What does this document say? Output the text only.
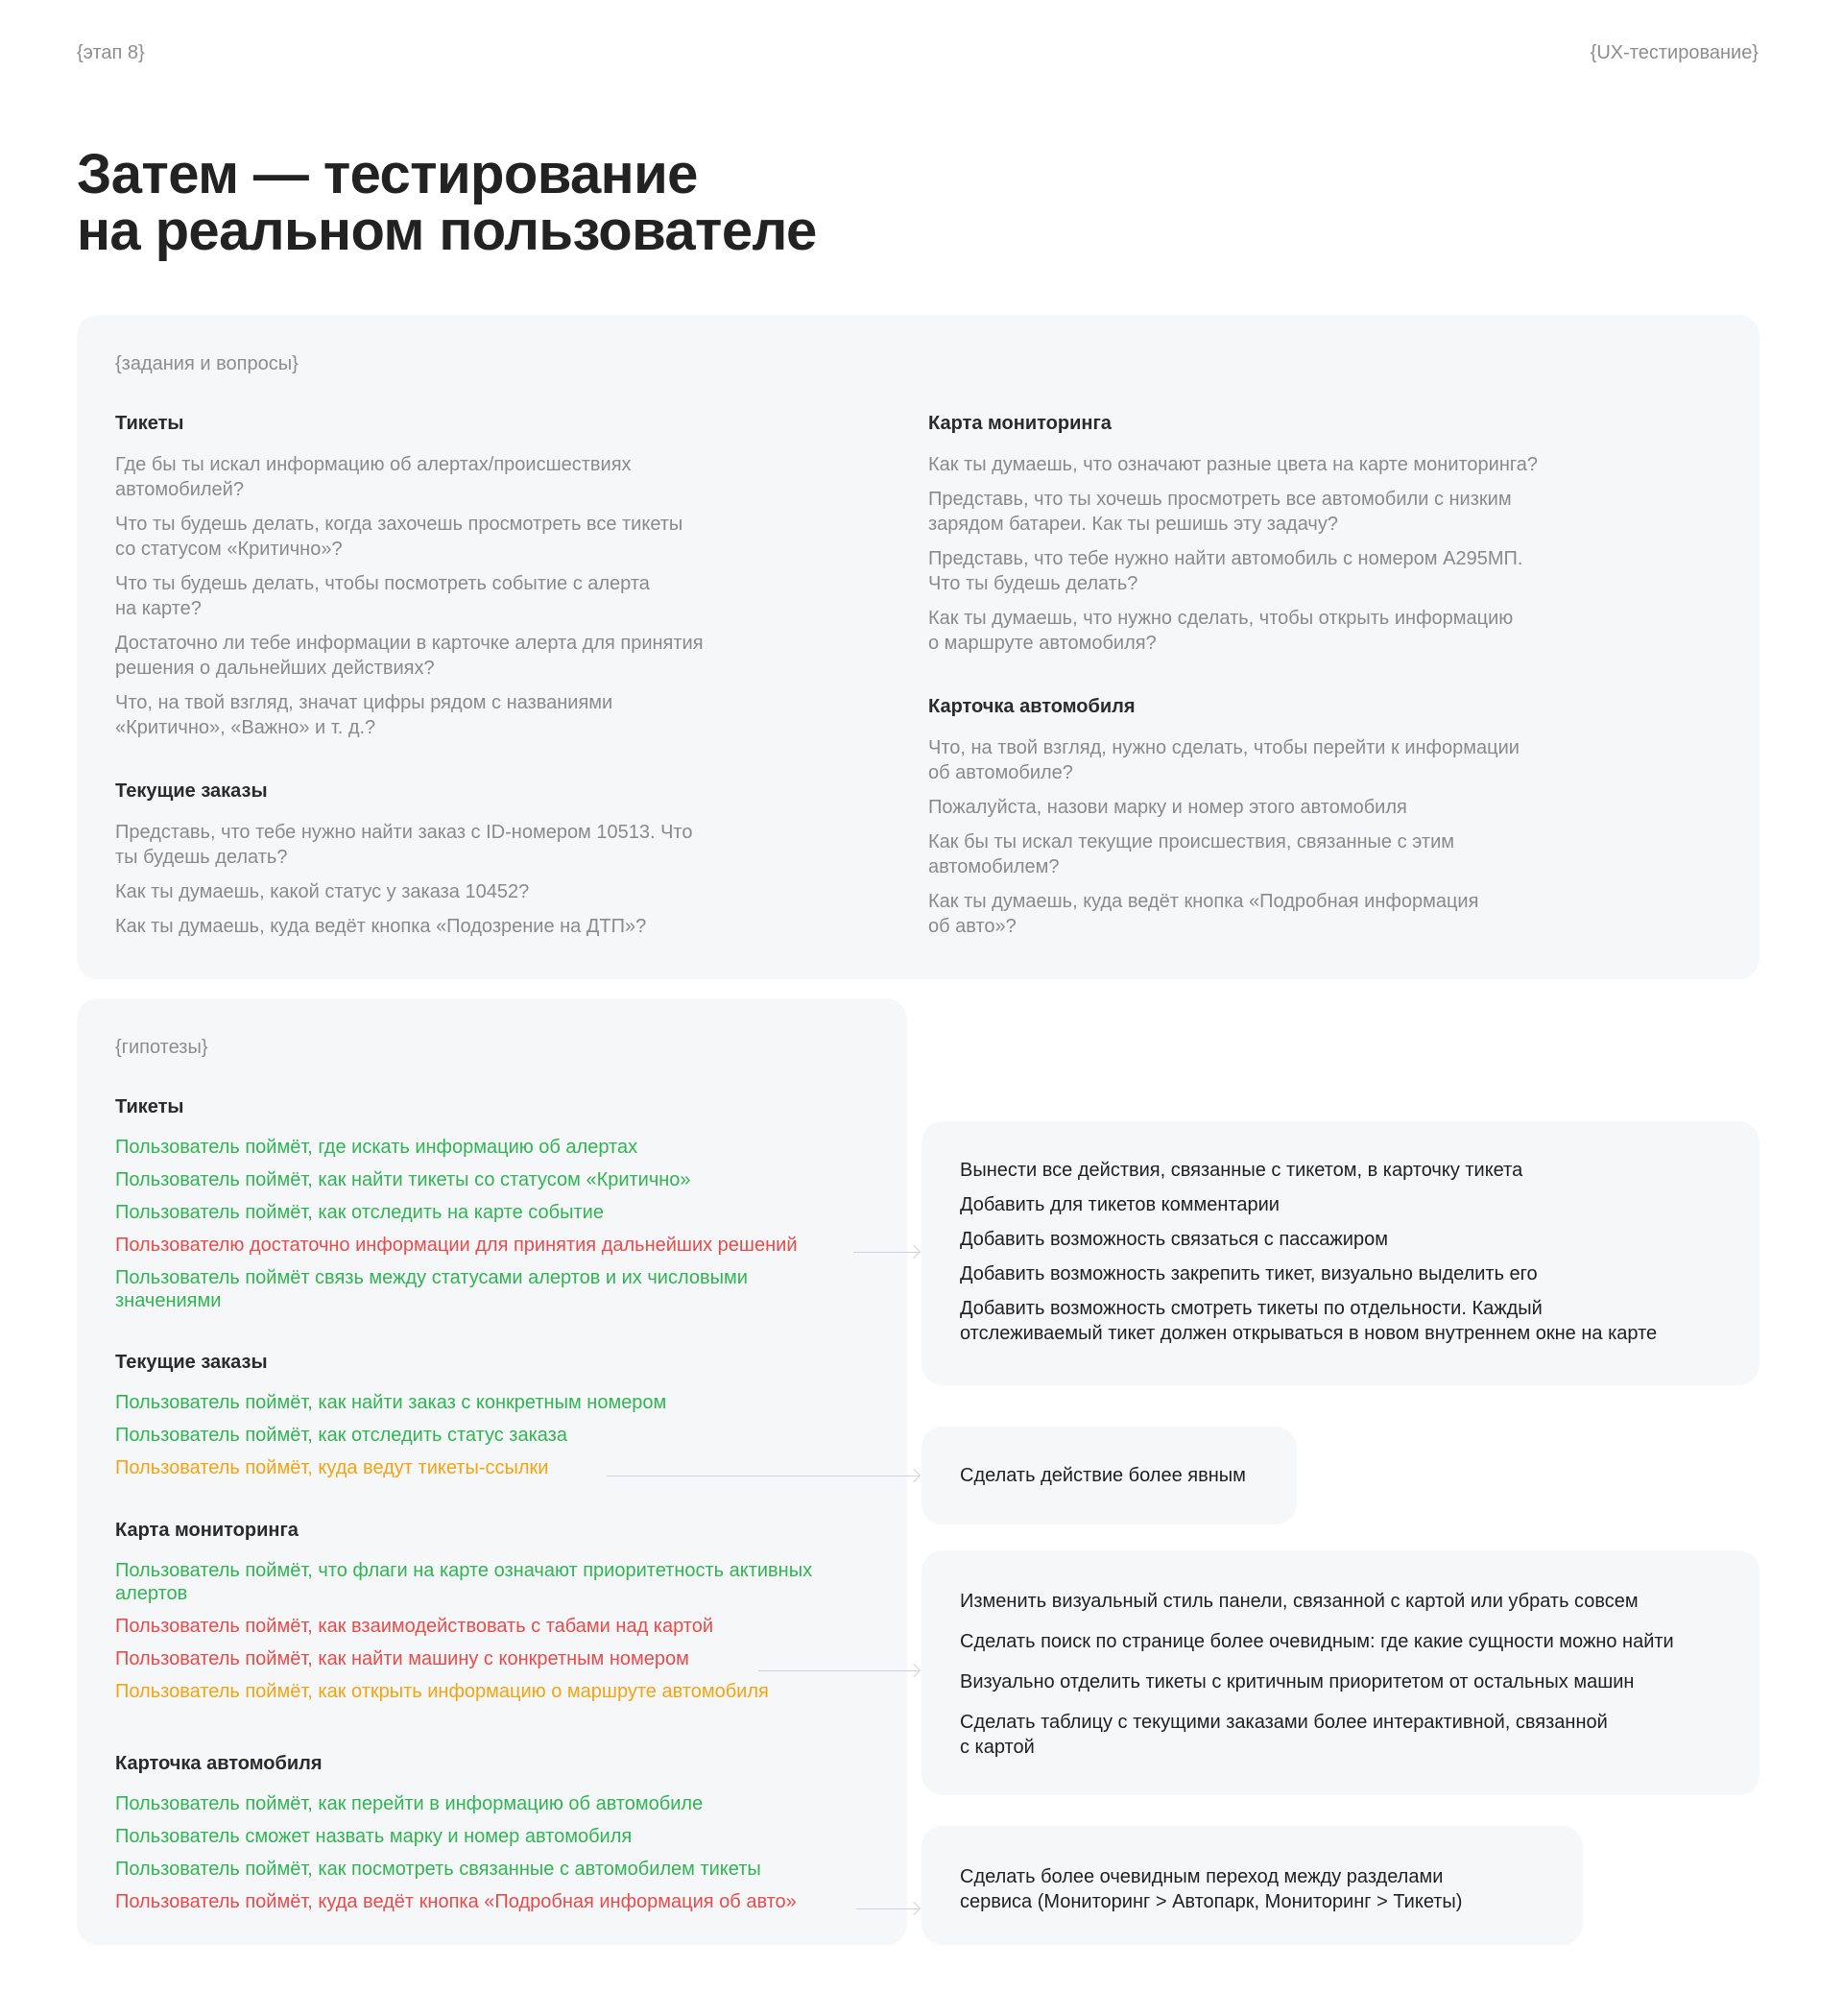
{этап 8}	{UX-тестирование}
Затем — тестирование
на реальном пользователе
{задания и вопросы}
Тикеты
Где бы ты искал информацию об алертах/происшествиях
автомобилей?
Что ты будешь делать, когда захочешь просмотреть все тикеты
со статусом «Критично»?
Что ты будешь делать, чтобы посмотреть событие с алерта
на карте?
Достаточно ли тебе информации в карточке алерта для принятия
решения о дальнейших действиях?
Что, на твой взгляд, значат цифры рядом с названиями
«Критично», «Важно» и т. д.?
Текущие заказы
Представь, что тебе нужно найти заказ с ID-номером 10513. Что
ты будешь делать?
Как ты думаешь, какой статус у заказа 10452?
Как ты думаешь, куда ведёт кнопка «Подозрение на ДТП»?
Карта мониторинга
Как ты думаешь, что означают разные цвета на карте мониторинга?
Представь, что ты хочешь просмотреть все автомобили с низким
зарядом батареи. Как ты решишь эту задачу?
Представь, что тебе нужно найти автомобиль с номером А295МП.
Что ты будешь делать?
Как ты думаешь, что нужно сделать, чтобы открыть информацию
о маршруте автомобиля?
Карточка автомобиля
Что, на твой взгляд, нужно сделать, чтобы перейти к информации
об автомобиле?
Пожалуйста, назови марку и номер этого автомобиля
Как бы ты искал текущие происшествия, связанные с этим
автомобилем?
Как ты думаешь, куда ведёт кнопка «Подробная информация
об авто»?
{гипотезы}
Тикеты
Пользователь поймёт, где искать информацию об алертах
Пользователь поймёт, как найти тикеты со статусом «Критично»
Пользователь поймёт, как отследить на карте событие
Пользователю достаточно информации для принятия дальнейших решений
Пользователь поймёт связь между статусами алертов и их числовыми
значениями
Текущие заказы
Пользователь поймёт, как найти заказ с конкретным номером
Пользователь поймёт, как отследить статус заказа
Пользователь поймёт, куда ведут тикеты-ссылки
Карта мониторинга
Пользователь поймёт, что флаги на карте означают приоритетность активных
алертов
Пользователь поймёт, как взаимодействовать с табами над картой
Пользователь поймёт, как найти машину с конкретным номером
Пользователь поймёт, как открыть информацию о маршруте автомобиля
Карточка автомобиля
Пользователь поймёт, как перейти в информацию об автомобиле
Пользователь сможет назвать марку и номер автомобиля
Пользователь поймёт, как посмотреть связанные с автомобилем тикеты
Пользователь поймёт, куда ведёт кнопка «Подробная информация об авто»
Вынести все действия, связанные с тикетом, в карточку тикета
Добавить для тикетов комментарии
Добавить возможность связаться с пассажиром
Добавить возможность закрепить тикет, визуально выделить его
Добавить возможность смотреть тикеты по отдельности. Каждый
отслеживаемый тикет должен открываться в новом внутреннем окне на карте
Сделать действие более явным
Изменить визуальный стиль панели, связанной с картой или убрать совсем
Сделать поиск по странице более очевидным: где какие сущности можно найти
Визуально отделить тикеты с критичным приоритетом от остальных машин
Сделать таблицу с текущими заказами более интерактивной, связанной
с картой
Сделать более очевидным переход между разделами
сервиса (Мониторинг > Автопарк, Мониторинг > Тикеты)
